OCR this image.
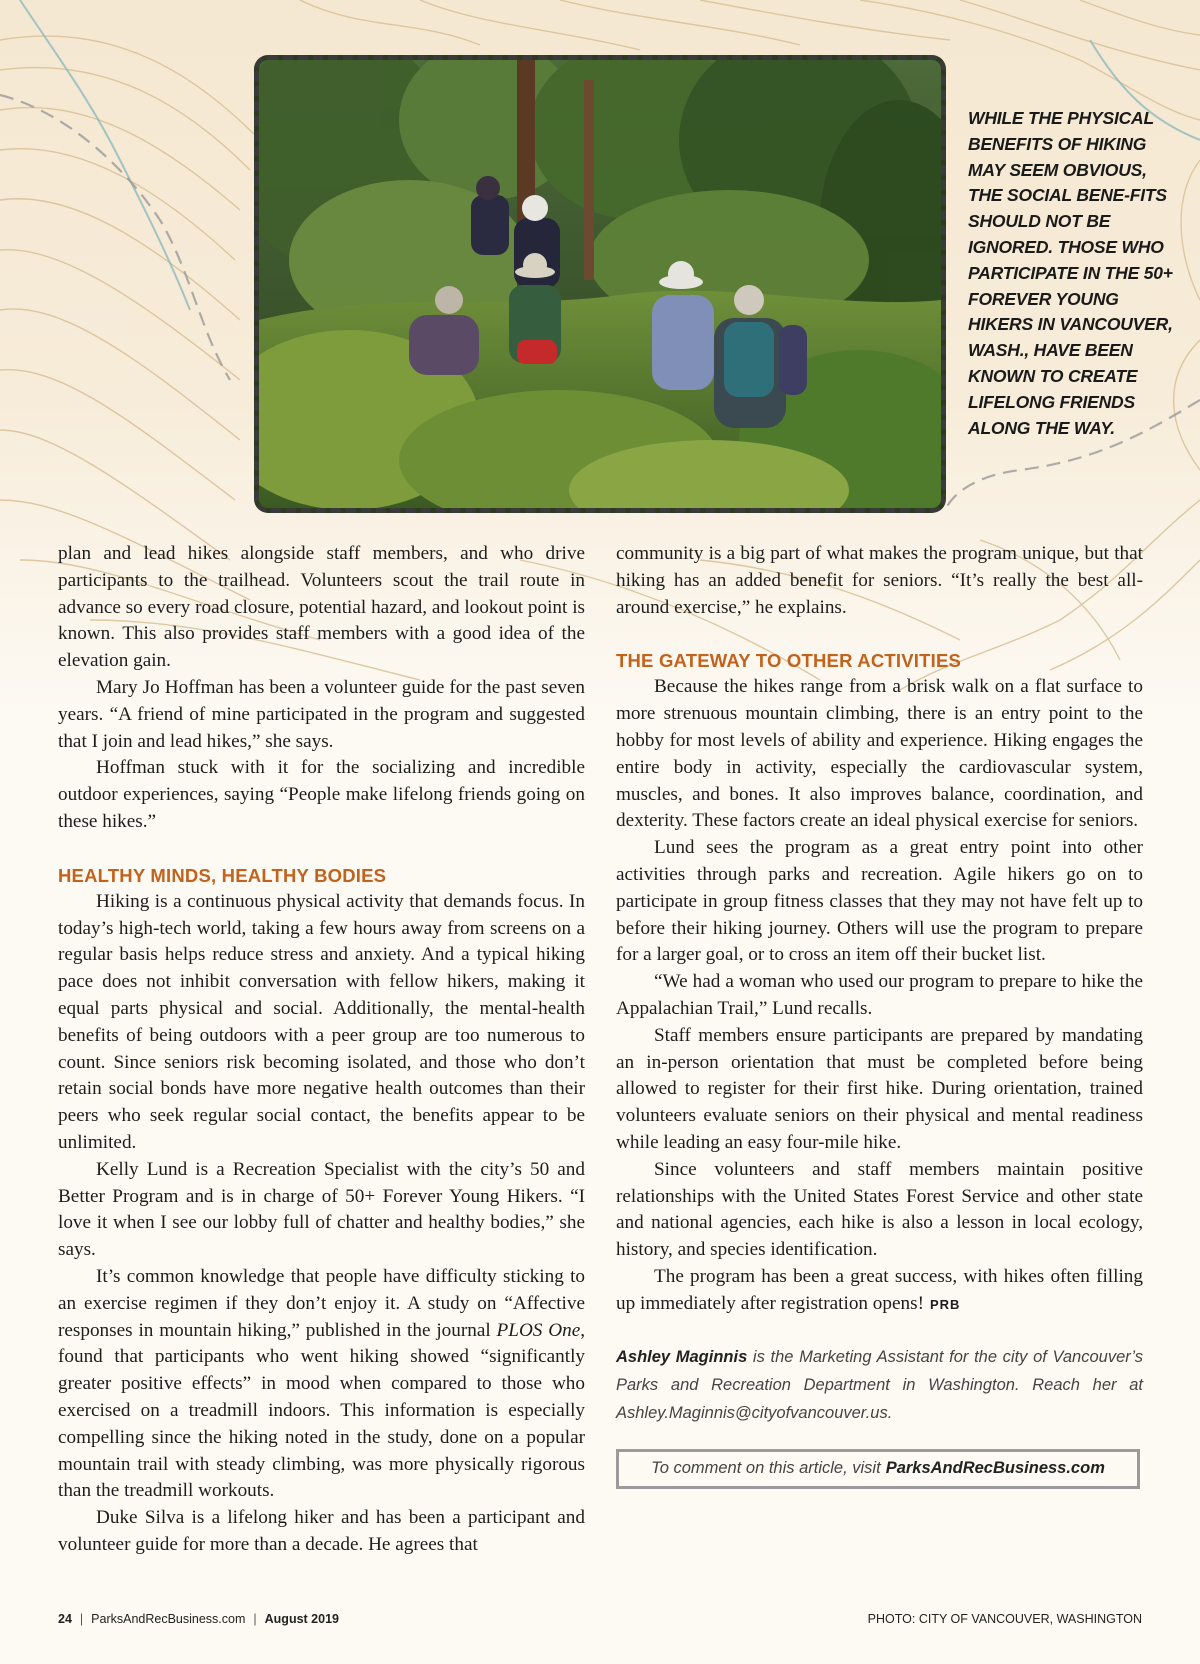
WHILE THE PHYSICAL BENEFITS OF HIKING MAY SEEM OBVIOUS, THE SOCIAL BENE-FITS SHOULD NOT BE IGNORED. THOSE WHO PARTICIPATE IN THE 50+ FOREVER YOUNG HIKERS IN VANCOUVER, WASH., HAVE BEEN KNOWN TO CREATE LIFELONG FRIENDS ALONG THE WAY.

plan and lead hikes alongside staff members, and who drive participants to the trailhead. Volunteers scout the trail route in advance so every road closure, potential hazard, and lookout point is known. This also provides staff members with a good idea of the elevation gain.

Mary Jo Hoffman has been a volunteer guide for the past seven years. “A friend of mine participated in the program and suggested that I join and lead hikes,” she says.

Hoffman stuck with it for the socializing and incredible outdoor experiences, saying “People make lifelong friends going on these hikes.”

HEALTHY MINDS, HEALTHY BODIES

Hiking is a continuous physical activity that demands focus. In today’s high-tech world, taking a few hours away from screens on a regular basis helps reduce stress and anxiety. And a typical hiking pace does not inhibit conversation with fellow hikers, making it equal parts physical and social. Additionally, the mental-health benefits of being outdoors with a peer group are too numerous to count. Since seniors risk becoming isolated, and those who don’t retain social bonds have more negative health outcomes than their peers who seek regular social contact, the benefits appear to be unlimited.

Kelly Lund is a Recreation Specialist with the city’s 50 and Better Program and is in charge of 50+ Forever Young Hikers. “I love it when I see our lobby full of chatter and healthy bodies,” she says.

It’s common knowledge that people have difficulty sticking to an exercise regimen if they don’t enjoy it. A study on “Affective responses in mountain hiking,” published in the journal PLOS One, found that participants who went hiking showed “significantly greater positive effects” in mood when compared to those who exercised on a treadmill indoors. This information is especially compelling since the hiking noted in the study, done on a popular mountain trail with steady climbing, was more physically rigorous than the treadmill workouts.

Duke Silva is a lifelong hiker and has been a participant and volunteer guide for more than a decade. He agrees that

community is a big part of what makes the program unique, but that hiking has an added benefit for seniors. “It’s really the best all-around exercise,” he explains.

THE GATEWAY TO OTHER ACTIVITIES

Because the hikes range from a brisk walk on a flat surface to more strenuous mountain climbing, there is an entry point to the hobby for most levels of ability and experience. Hiking engages the entire body in activity, especially the cardiovascular system, muscles, and bones. It also improves balance, coordination, and dexterity. These factors create an ideal physical exercise for seniors.

Lund sees the program as a great entry point into other activities through parks and recreation. Agile hikers go on to participate in group fitness classes that they may not have felt up to before their hiking journey. Others will use the program to prepare for a larger goal, or to cross an item off their bucket list.

“We had a woman who used our program to prepare to hike the Appalachian Trail,” Lund recalls.

Staff members ensure participants are prepared by mandating an in-person orientation that must be completed before being allowed to register for their first hike. During orientation, trained volunteers evaluate seniors on their physical and mental readiness while leading an easy four-mile hike.

Since volunteers and staff members maintain positive relationships with the United States Forest Service and other state and national agencies, each hike is also a lesson in local ecology, history, and species identification.

The program has been a great success, with hikes often filling up immediately after registration opens! PRB

Ashley Maginnis is the Marketing Assistant for the city of Vancouver’s Parks and Recreation Department in Washington. Reach her at Ashley.Maginnis@cityofvancouver.us.
To comment on this article, visit ParksAndRecBusiness.com
24 | ParksAndRecBusiness.com | August 2019	PHOTO: CITY OF VANCOUVER, WASHINGTON
